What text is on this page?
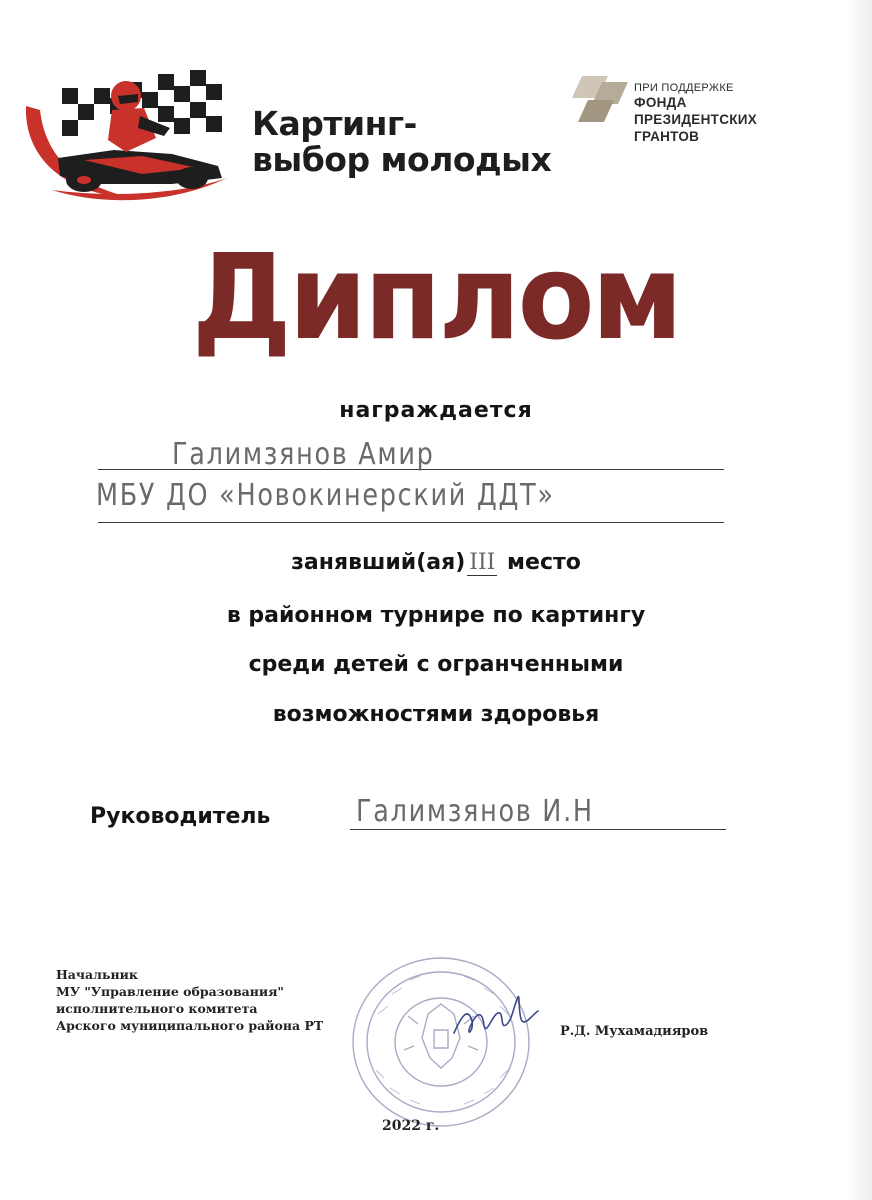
Картинг-
выбор молодых
ПРИ ПОДДЕРЖКЕ
ФОНДА
ПРЕЗИДЕНТСКИХ
ГРАНТОВ
Диплом
награждается
Галимзянов Амир
МБУ ДО «Новокинерский ДДТ»
занявший(ая) III место
в районном турнире по картингу
среди детей с огранченными
возможностями здоровья
Руководитель	Галимзянов И.Н
Начальник
МУ "Управление образования"
исполнительного комитета
Арского муниципального района РТ	Р.Д. Мухамадияров
2022 г.
